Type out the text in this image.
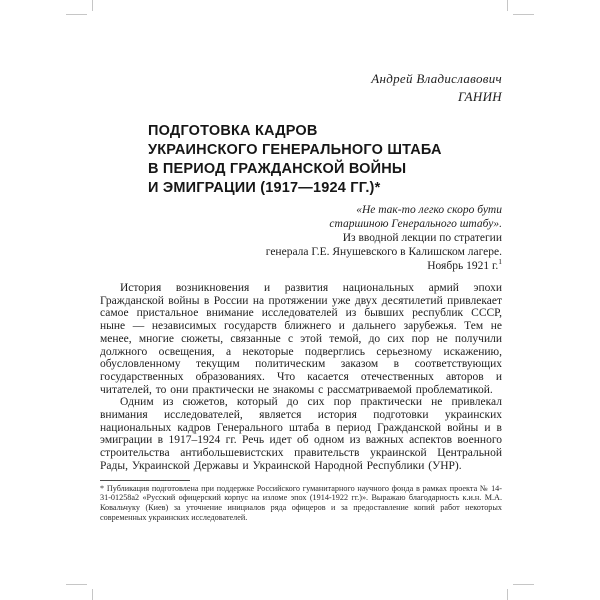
Андрей Владиславович
ГАНИН
ПОДГОТОВКА КАДРОВ
УКРАИНСКОГО ГЕНЕРАЛЬНОГО ШТАБА
В ПЕРИОД ГРАЖДАНСКОЙ ВОЙНЫ
И ЭМИГРАЦИИ (1917—1924 ГГ.)*
«Не так-то легко скоро бути
старшиною Генерального штабу».
Из вводной лекции по стратегии
генерала Г.Е. Янушевского в Калишском лагере.
Ноябрь 1921 г.$^1$

История возникновения и развития национальных армий эпохи Гражданской войны в России на протяжении уже двух десятилетий привлекает самое пристальное внимание исследователей из бывших республик СССР, ныне — независимых государств ближнего и дальнего зарубежья. Тем не менее, многие сюжеты, связанные с этой темой, до сих пор не получили должного освещения, а некоторые подверглись серьезному искажению, обусловленному текущим политическим заказом в соответствующих государственных образованиях. Что касается отечественных авторов и читателей, то они практически не знакомы с рассматриваемой проблематикой.

Одним из сюжетов, который до сих пор практически не привлекал внимания исследователей, является история подготовки украинских национальных кадров Генерального штаба в период Гражданской войны и в эмиграции в 1917–1924 гг. Речь идет об одном из важных аспектов военного строительства антибольшевистских правительств украинской Центральной Рады, Украинской Державы и Украинской Народной Республики (УНР).

* Публикация подготовлена при поддержке Российского гуманитарного научного фонда в рамках проекта № 14-31-01258а2 «Русский офицерский корпус на изломе эпох (1914-1922 гг.)». Выражаю благодарность к.и.н. М.А. Ковальчуку (Киев) за уточнение инициалов ряда офицеров и за предоставление копий работ некоторых современных украинских исследователей.
